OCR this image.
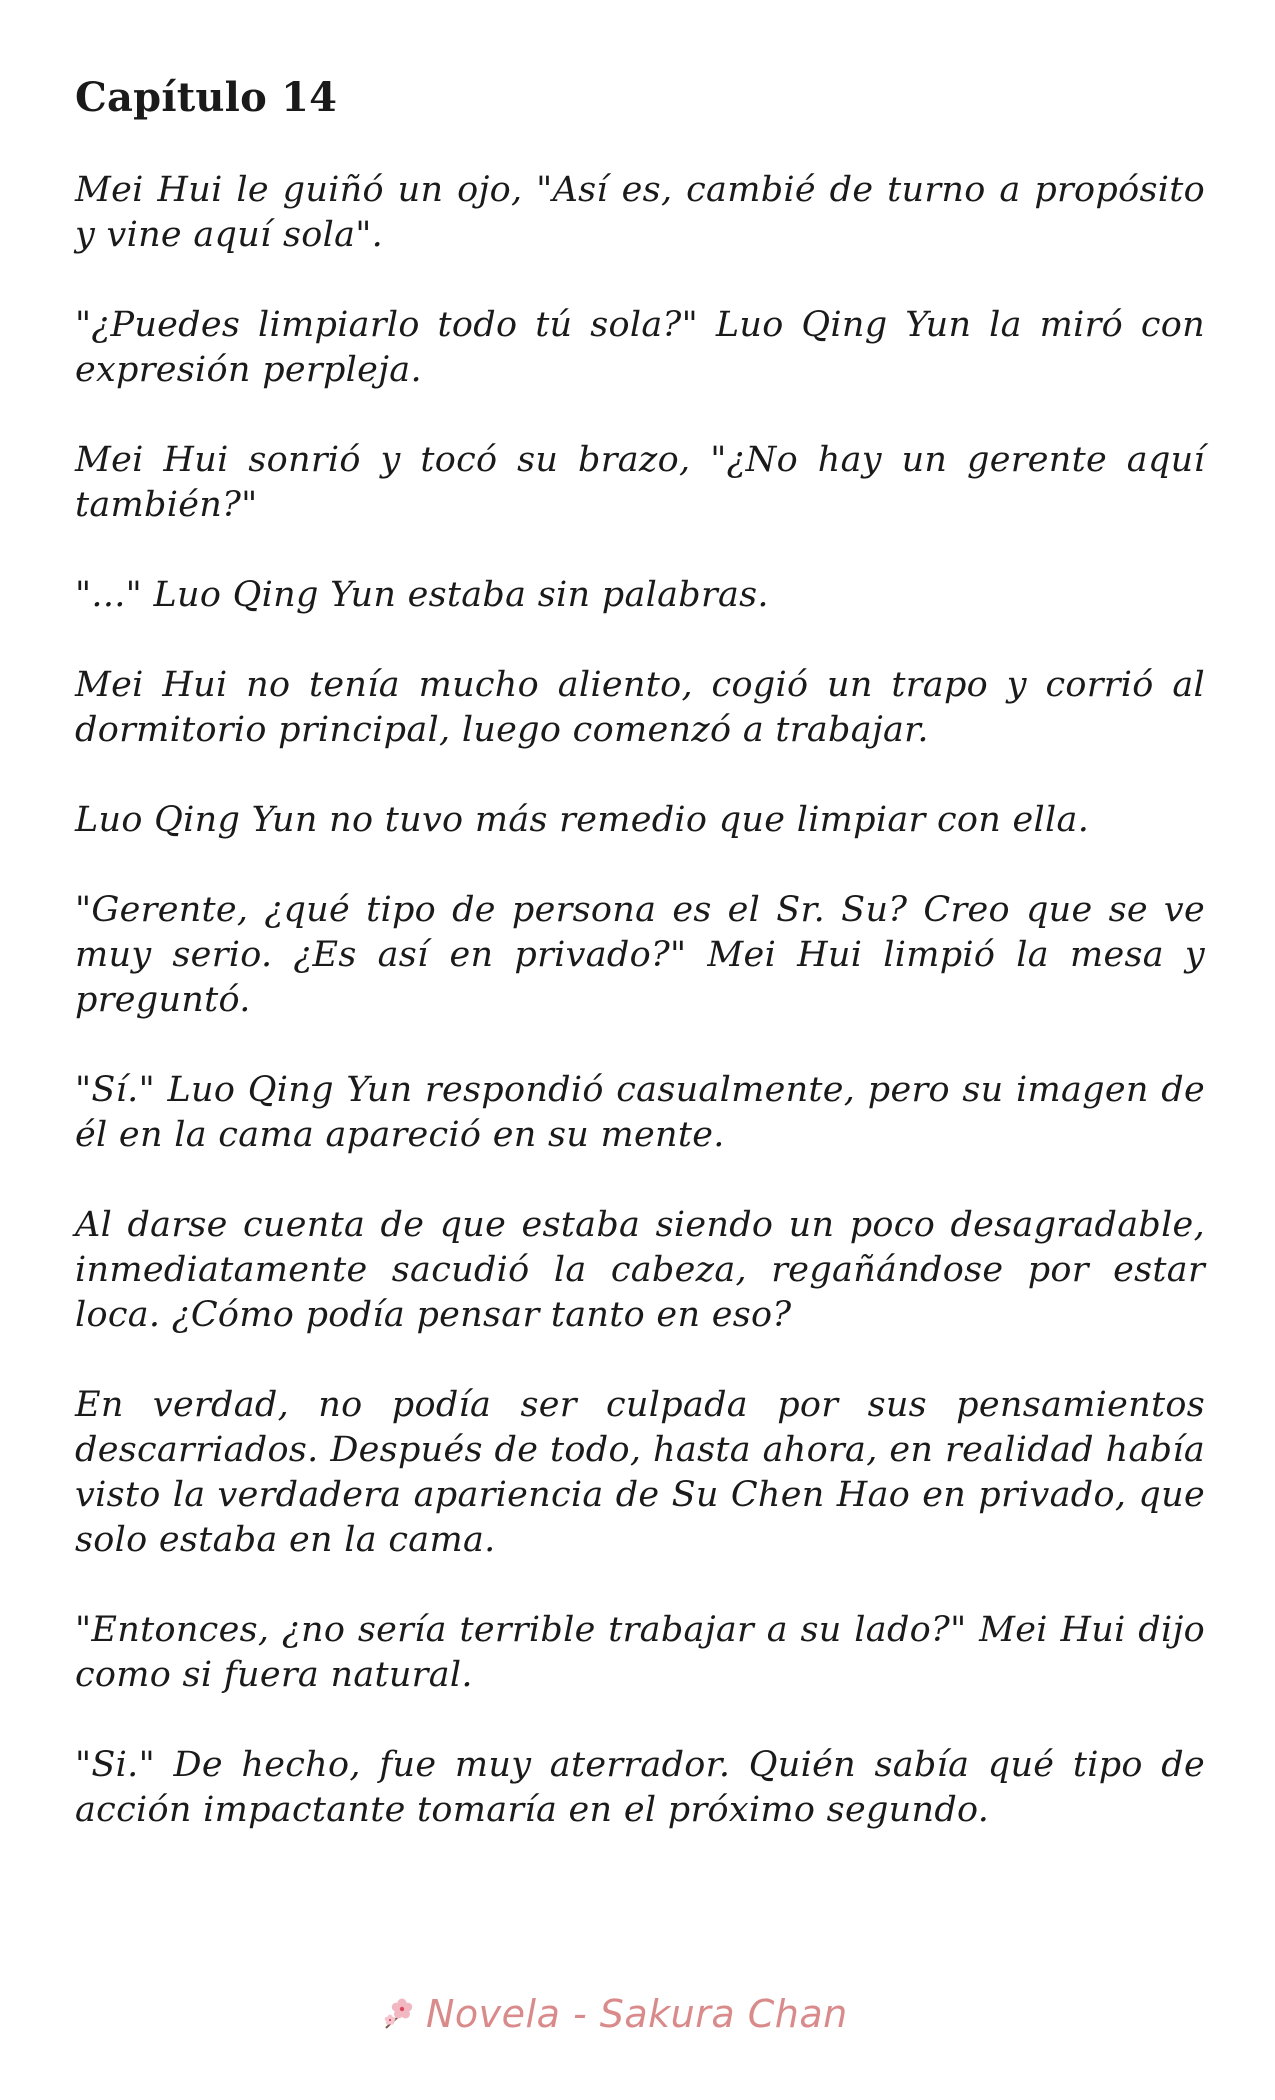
Capítulo 14

Mei Hui le guiñó un ojo, "Así es, cambié de turno a propósito y vine aquí sola".

"¿Puedes limpiarlo todo tú sola?" Luo Qing Yun la miró con expresión perpleja.

Mei Hui sonrió y tocó su brazo, "¿No hay un gerente aquí también?"

"..." Luo Qing Yun estaba sin palabras.

Mei Hui no tenía mucho aliento, cogió un trapo y corrió al dormitorio principal, luego comenzó a trabajar.

Luo Qing Yun no tuvo más remedio que limpiar con ella.

"Gerente, ¿qué tipo de persona es el Sr. Su? Creo que se ve muy serio. ¿Es así en privado?" Mei Hui limpió la mesa y preguntó.

"Sí." Luo Qing Yun respondió casualmente, pero su imagen de él en la cama apareció en su mente.

Al darse cuenta de que estaba siendo un poco desagradable, inmediatamente sacudió la cabeza, regañándose por estar loca. ¿Cómo podía pensar tanto en eso?

En verdad, no podía ser culpada por sus pensamientos descarriados. Después de todo, hasta ahora, en realidad había visto la verdadera apariencia de Su Chen Hao en privado, que solo estaba en la cama.

"Entonces, ¿no sería terrible trabajar a su lado?" Mei Hui dijo como si fuera natural.

"Si." De hecho, fue muy aterrador. Quién sabía qué tipo de acción impactante tomaría en el próximo segundo.

Novela - Sakura Chan
